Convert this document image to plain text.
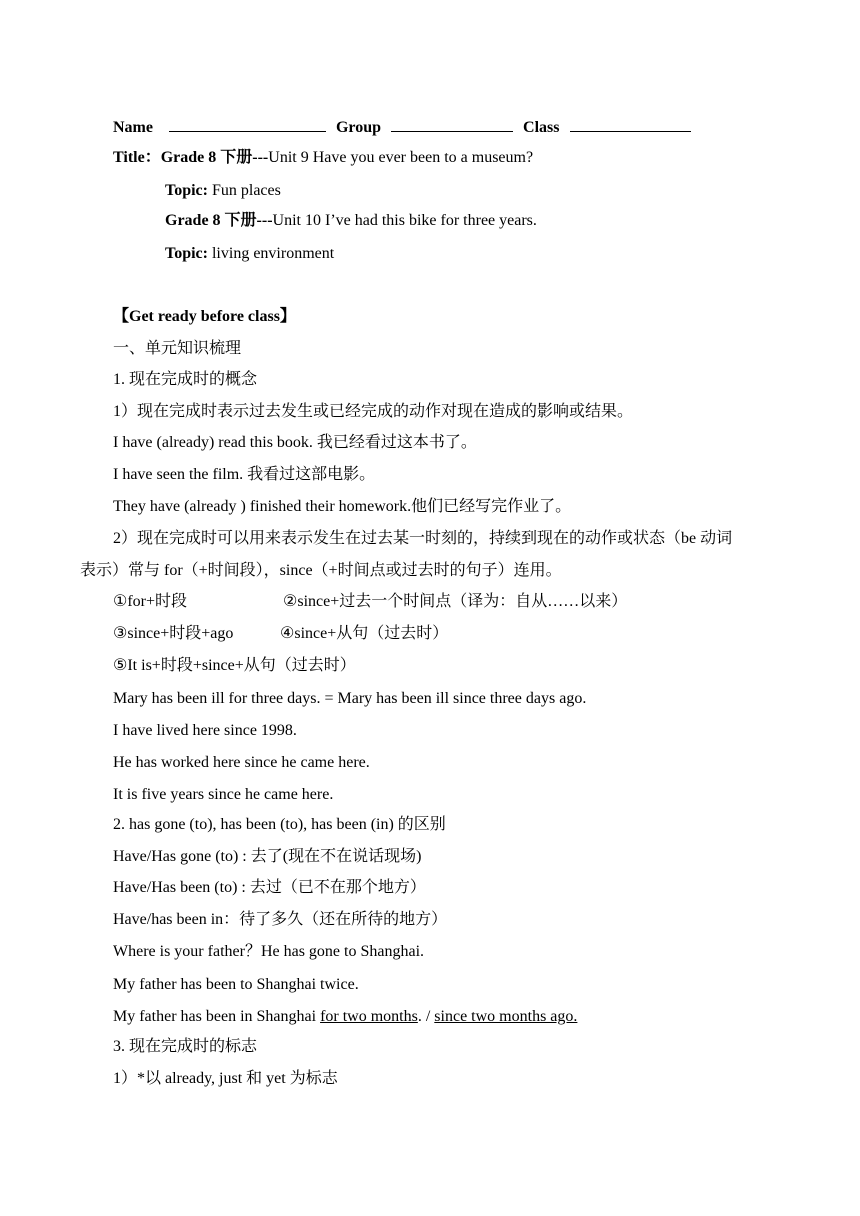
Name	Group	Class
Title：Grade 8 下册---Unit 9 Have you ever been to a museum?
Topic: Fun places
Grade 8 下册---Unit 10 I’ve had this bike for three years.
Topic: living environment
【Get ready before class】
一、单元知识梳理
1. 现在完成时的概念
1）现在完成时表示过去发生或已经完成的动作对现在造成的影响或结果。
I have (already) read this book. 我已经看过这本书了。
I have seen the film. 我看过这部电影。
They have (already ) finished their homework.他们已经写完作业了。
2）现在完成时可以用来表示发生在过去某一时刻的，持续到现在的动作或状态（be 动词
表示）常与 for（+时间段），since（+时间点或过去时的句子）连用。
①for+时段	②since+过去一个时间点（译为：自从……以来）
③since+时段+ago	④since+从句（过去时）
⑤It is+时段+since+从句（过去时）
Mary has been ill for three days. = Mary has been ill since three days ago.
I have lived here since 1998.
He has worked here since he came here.
It is five years since he came here.
2. has gone (to), has been (to), has been (in) 的区别
Have/Has gone (to) : 去了(现在不在说话现场)
Have/Has been (to) : 去过（已不在那个地方）
Have/has been in：待了多久（还在所待的地方）
Where is your father？He has gone to Shanghai.
My father has been to Shanghai twice.
My father has been in Shanghai for two months. / since two months ago.
3. 现在完成时的标志
1）*以 already, just 和 yet 为标志
